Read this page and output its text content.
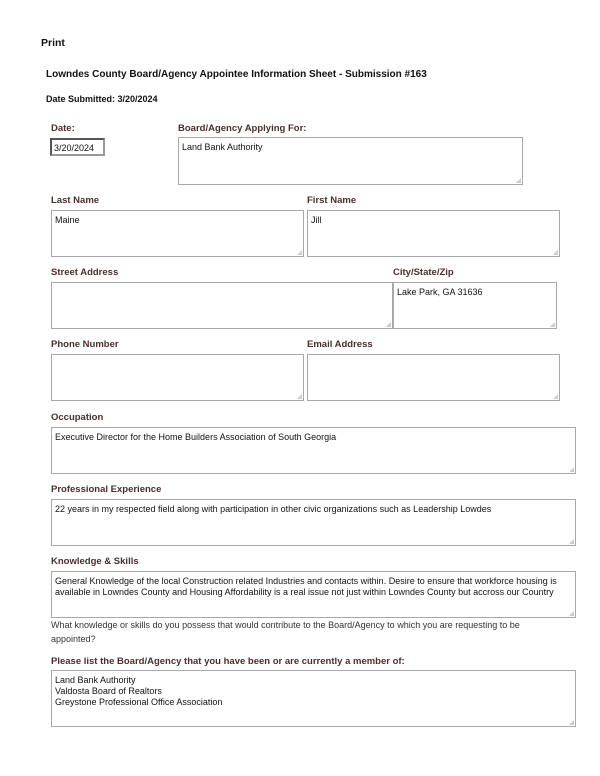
Print
Lowndes County Board/Agency Appointee Information Sheet - Submission #163
Date Submitted: 3/20/2024
Date:
3/20/2024
Board/Agency Applying For:
Land Bank Authority
Last Name
Maine
First Name
Jill
Street Address	City/State/Zip
Lake Park, GA 31636
Phone Number	Email Address
Occupation
Executive Director for the Home Builders Association of South Georgia
Professional Experience
22 years in my respected field along with participation in other civic organizations such as Leadership Lowdes
Knowledge & Skills
General Knowledge of the local Construction related Industries and contacts within. Desire to ensure that workforce housing is available in Lowndes County and Housing Affordability is a real issue not just within Lowndes County but accross our Country
What knowledge or skills do you possess that would contribute to the Board/Agency to which you are requesting to be appointed?
Please list the Board/Agency that you have been or are currently a member of:
Land Bank Authority
Valdosta Board of Realtors
Greystone Professional Office Association
